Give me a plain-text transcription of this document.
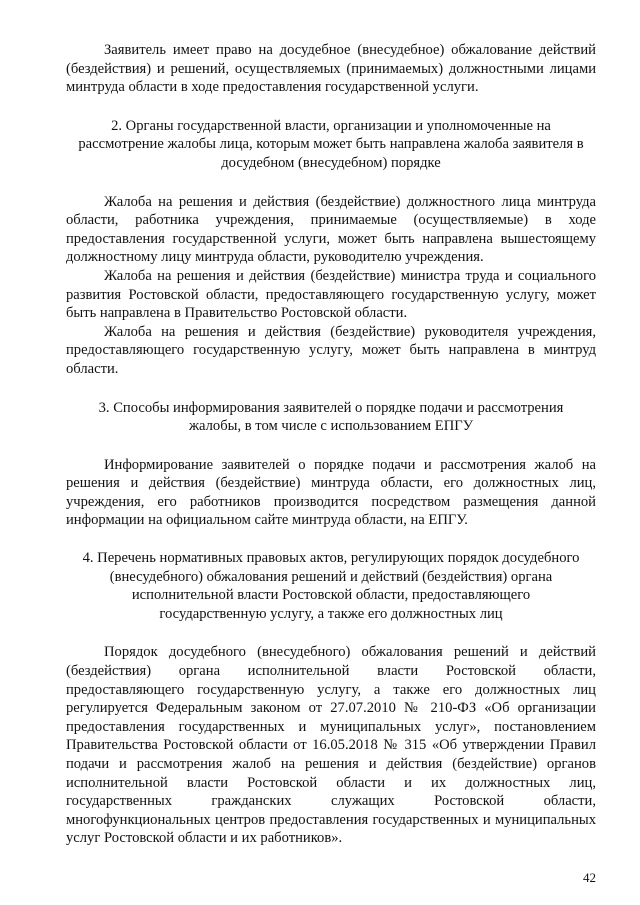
Заявитель имеет право на досудебное (внесудебное) обжалование действий (бездействия) и решений, осуществляемых (принимаемых) должностными лицами минтруда области в ходе предоставления государственной услуги.

2. Органы государственной власти, организации и уполномоченные на рассмотрение жалобы лица, которым может быть направлена жалоба заявителя в досудебном (внесудебном) порядке

Жалоба на решения и действия (бездействие) должностного лица минтруда области, работника учреждения, принимаемые (осуществляемые) в ходе предоставления государственной услуги, может быть направлена вышестоящему должностному лицу минтруда области, руководителю учреждения.

Жалоба на решения и действия (бездействие) министра труда и социального развития Ростовской области, предоставляющего государственную услугу, может быть направлена в Правительство Ростовской области.

Жалоба на решения и действия (бездействие) руководителя учреждения, предоставляющего государственную услугу, может быть направлена в минтруд области.

3. Способы информирования заявителей о порядке подачи и рассмотрения жалобы, в том числе с использованием ЕПГУ

Информирование заявителей о порядке подачи и рассмотрения жалоб на решения и действия (бездействие) минтруда области, его должностных лиц, учреждения, его работников производится посредством размещения данной информации на официальном сайте минтруда области, на ЕПГУ.

4. Перечень нормативных правовых актов, регулирующих порядок досудебного (внесудебного) обжалования решений и действий (бездействия) органа исполнительной власти Ростовской области, предоставляющего государственную услугу, а также его должностных лиц

Порядок досудебного (внесудебного) обжалования решений и действий (бездействия) органа исполнительной власти Ростовской области, предоставляющего государственную услугу, а также его должностных лиц регулируется Федеральным законом от 27.07.2010 № 210-ФЗ «Об организации предоставления государственных и муниципальных услуг», постановлением Правительства Ростовской области от 16.05.2018 № 315 «Об утверждении Правил подачи и рассмотрения жалоб на решения и действия (бездействие) органов исполнительной власти Ростовской области и их должностных лиц, государственных гражданских служащих Ростовской области, многофункциональных центров предоставления государственных и муниципальных услуг Ростовской области и их работников».

42
